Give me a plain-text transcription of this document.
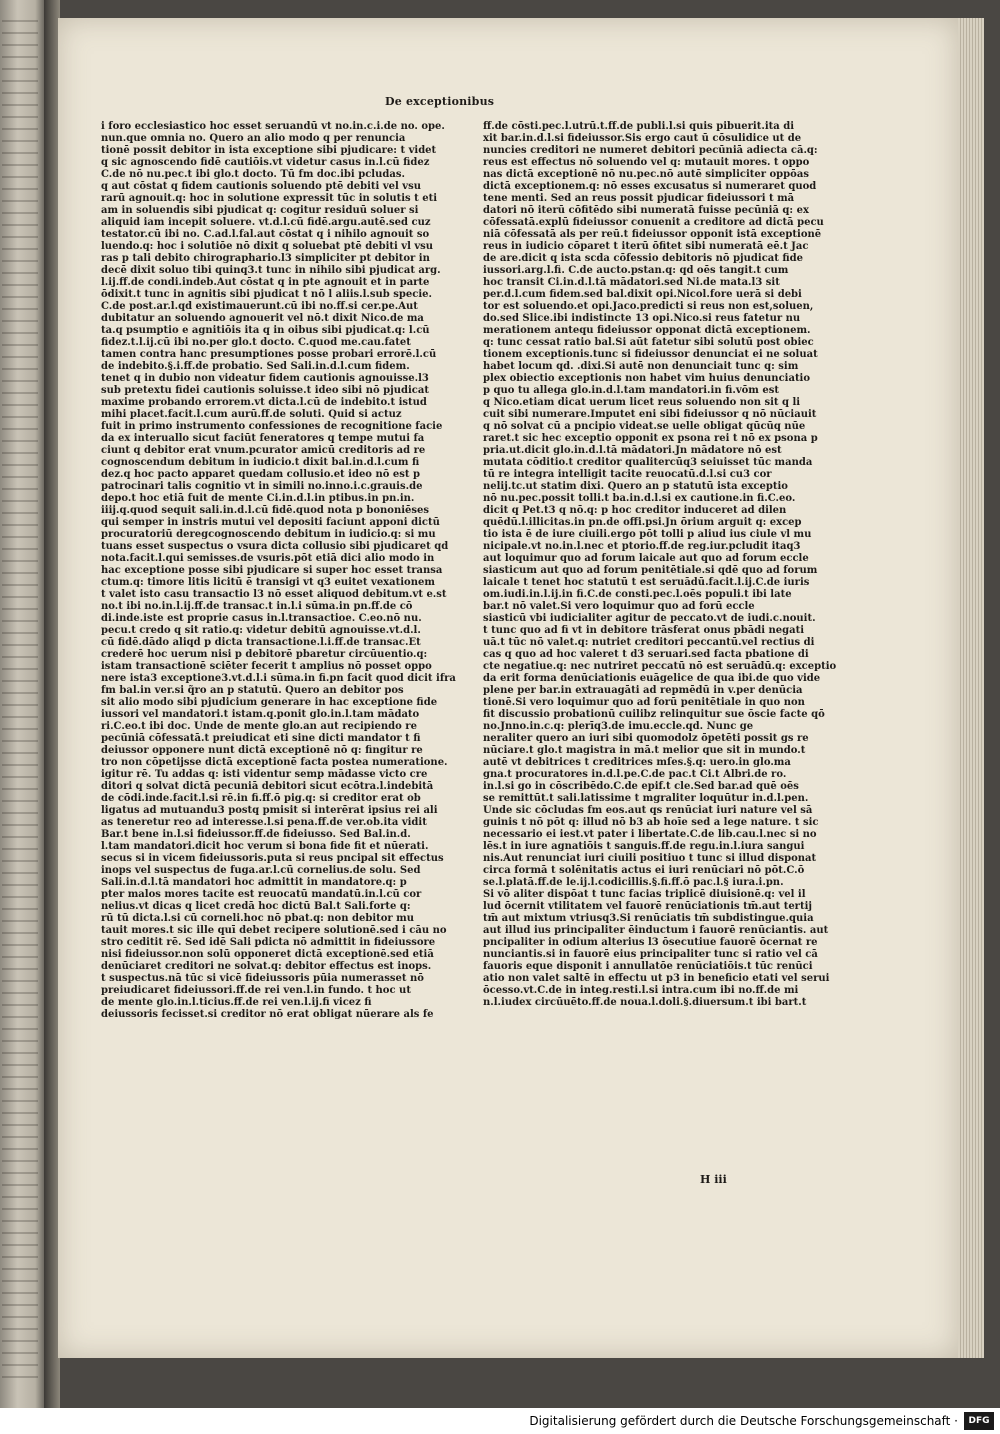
De exceptionibus
i foro ecclesiastico hoc esset seruandū vt no.in.c.i.de no. ope.
nun.que omnia no. Quero an alio modo q per renuncia
tionē possit debitor in ista exceptione sibi pjudicare: t videt
q sic agnoscendo fidē cautiōis.vt videtur casus in.l.cū fidez
C.de nō nu.pec.t ibi glo.t docto. Tū fm doc.ibi pcludas.
q aut cōstat q fidem cautionis soluendo ptē debiti vel vsu
rarū agnouit.q: hoc in solutione expressit tūc in solutis t eti
am in soluendis sibi pjudicat q: cogitur residuū soluer si
aliquid iam incepit soluere. vt.d.l.cū fidē.argu.autē.sed cuz
testator.cū ibi no. C.ad.l.fal.aut cōstat q i nihilo agnouit so
luendo.q: hoc i solutiōe nō dixit q soluebat ptē debiti vl vsu
ras p tali debito chirographario.l3 simpliciter pt debitor in
decē dixit soluo tibi quinq3.t tunc in nihilo sibi pjudicat arg.
l.ij.ff.de condi.indeb.Aut cōstat q in pte agnouit et in parte
ōdixit.t tunc in agnitis sibi pjudicat t nō l aliis.l.sub specie.
C.de post.ar.l.qd existimauerunt.cū ibi no.ff.si cer.pe.Aut
dubitatur an soluendo agnouerit vel nō.t dixit Nico.de ma
ta.q psumptio e agnitiōis ita q in oibus sibi pjudicat.q: l.cū
fidez.t.l.ij.cū ibi no.per glo.t docto. C.quod me.cau.fatet
tamen contra hanc presumptiones posse probari errorē.l.cū
de indebito.§.i.ff.de probatio. Sed Sali.in.d.l.cum fidem.
tenet q in dubio non videatur fidem cautionis agnouisse.l3
sub pretextu fidei cautionis soluisse.t ideo sibi nō pjudicat
maxime probando errorem.vt dicta.l.cū de indebito.t istud
mihi placet.facit.l.cum aurū.ff.de soluti. Quid si actuz
fuit in primo instrumento confessiones de recognitione facie
da ex interuallo sicut faciūt feneratores q tempe mutui fa
ciunt q debitor erat vnum.pcurator amicū creditoris ad re
cognoscendum debitum in iudicio.t dixit bal.in.d.l.cum fi
dez.q hoc pacto apparet quedam collusio.et ideo nō est p
patrocinari talis cognitio vt in simili no.inno.i.c.grauis.de
depo.t hoc etiā fuit de mente Ci.in.d.l.in ptibus.in pn.in.
iiij.q.quod sequit sali.in.d.l.cū fidē.quod nota p bononiēses
qui semper in instris mutui vel depositi faciunt apponi dictū
procuratoriū deregcognoscendo debitum in iudicio.q: si mu
tuans esset suspectus o vsura dicta collusio sibi pjudicaret qd
nota.facit.l.qui semisses.de vsuris.pōt etiā dici alio modo in
hac exceptione posse sibi pjudicare si super hoc esset transa
ctum.q: timore litis licitū ē transigi vt q3 euitet vexationem
t valet isto casu transactio l3 nō esset aliquod debitum.vt e.st
no.t ibi no.in.l.ij.ff.de transac.t in.l.i sūma.in pn.ff.de cō
di.inde.iste est proprie casus in.l.transactioe. C.eo.nō nu.
pecu.t credo q sit ratio.q: videtur debitū agnouisse.vt.d.l.
cū fidē.dādo aliqd p dicta transactione.l.i.ff.de transac.Et
crederē hoc uerum nisi p debitorē pbaretur circūuentio.q:
istam transactionē sciēter fecerit t amplius nō posset oppo
nere ista3 exceptione3.vt.d.l.i sūma.in fi.pn facit quod dicit ifra
fm bal.in ver.si q̃ro an p statutū. Quero an debitor pos
sit alio modo sibi pjudicium generare in hac exceptione fide
iussori vel mandatori.t istam.q.ponit glo.in.l.tam mādato
ri.C.eo.t ibi doc. Unde de mente glo.an aut recipiendo re
pecūniā cōfessatā.t preiudicat eti sine dicti mandator t fi
deiussor opponere nunt dictā exceptionē nō q: fingitur re
tro non cōpetijsse dictā exceptionē facta postea numeratione.
igitur rē. Tu addas q: isti videntur semp mādasse victo cre
ditori q solvat dictā pecuniā debitori sicut ecōtra.l.indebitā
de cōdi.inde.facit.l.si rē.in fi.ff.ō pig.q: si creditor erat ob
ligatus ad mutuandu3 postq pmisit si interērat ipsius rei ali
as teneretur reo ad interesse.l.si pena.ff.de ver.ob.ita vidit
Bar.t bene in.l.si fideiussor.ff.de fideiusso. Sed Bal.in.d.
l.tam mandatori.dicit hoc verum si bona fide fit et nūerati.
secus si in vicem fideiussoris.puta si reus pncipal sit effectus
inops vel suspectus de fuga.ar.l.cū cornelius.de solu. Sed
Sali.in.d.l.tā mandatori hoc admittit in mandatore.q: p
pter malos mores tacite est reuocatū mandatū.in.l.cū cor
nelius.vt dicas q licet credā hoc dictū Bal.t Sali.forte q:
rū tū dicta.l.si cū corneli.hoc nō pbat.q: non debitor mu
tauit mores.t sic ille quī debet recipere solutionē.sed i cāu no
stro ceditit rē. Sed idē Sali pdicta nō admittit in fideiussore
nisi fideiussor.non solū opponeret dictā exceptionē.sed etiā
denūciaret creditori ne solvat.q: debitor effectus est inops.
t suspectus.nā tūc si vicē fideiussoris pūia numerasset nō
preiudicaret fideiussori.ff.de rei ven.l.in fundo. t hoc ut
de mente glo.in.l.ticius.ff.de rei ven.l.ij.fi vicez fi
deiussoris fecisset.si creditor nō erat obligat nūerare als fe
ff.de cōsti.pec.l.utrū.t.ff.de publi.l.si quis pibuerit.ita di
xit bar.in.d.l.si fideiussor.Sis ergo caut ū cōsulidice ut de
nuncies creditori ne numeret debitori pecūniā adiecta cā.q:
reus est effectus nō soluendo vel q: mutauit mores. t oppo
nas dictā exceptionē nō nu.pec.nō autē simpliciter oppōas
dictā exceptionem.q: nō esses excusatus si numeraret quod
tene menti. Sed an reus possit pjudicar fideiussori t mā
datori nō iterū cōfitēdo sibi numeratā fuisse pecūniā q: ex
cōfessatā.explū fideiussor conuenit a creditore ad dictā pecu
niā cōfessatā als per reū.t fideiussor opponit istā exceptionē
reus in iudicio cōparet t iterū ōfitet sibi numeratā eē.t Jac
de are.dicit q ista scda cōfessio debitoris nō pjudicat fide
iussori.arg.l.fi. C.de aucto.pstan.q: qd oēs tangit.t cum
hoc transit Ci.in.d.l.tā mādatori.sed Ni.de mata.l3 sit
per.d.l.cum fidem.sed bal.dixit opi.Nicol.fore uerā si debi
tor est soluendo.et opi.Jaco.predicti si reus non est,soluen,
do.sed Slice.ibi indistincte 13 opi.Nico.si reus fatetur nu
merationem antequ fideiussor opponat dictā exceptionem.
q: tunc cessat ratio bal.Si aūt fatetur sibi solutū post obiec
tionem exceptionis.tunc si fideiussor denunciat ei ne soluat
habet locum qd. .dixi.Si autē non denunciait tunc q: sim
plex obiectio exceptionis non habet vim huius denunciatio
p quo tu allega glo.in.d.l.tam mandatori.in fi.vōm est
q Nico.etiam dicat uerum licet reus soluendo non sit q li
cuit sibi numerare.Imputet eni sibi fideiussor q nō nūciauit
q nō solvat cū a pncipio videat.se uelle obligat qūcūq nūe
raret.t sic hec exceptio opponit ex psona rei t nō ex psona p
pria.ut.dicit glo.in.d.l.tā mādatori.Jn mādatore nō est
mutata cōditio.t creditor qualitercūq3 seiuisset tūc manda
tū re integra intelligit tacite reuocatū.d.l.si cu3 cor
nelij.tc.ut statim dixi. Quero an p statutū ista exceptio
nō nu.pec.possit tolli.t ba.in.d.l.si ex cautione.in fi.C.eo.
dicit q Pet.t3 q nō.q: p hoc creditor induceret ad dilen
quēdū.l.illicitas.in pn.de offi.psi.Jn ōrium arguit q: excep
tio ista ē de iure ciuili.ergo pōt tolli p aliud ius ciule vl mu
nicipale.vt no.in.l.nec et ptorio.ff.de reg.iur.pcludit itaq3
aut loquimur quo ad forum laicale aut quo ad forum eccle
siasticum aut quo ad forum penitētiale.si qdē quo ad forum
laicale t tenet hoc statutū t est seruādū.facit.l.ij.C.de iuris
om.iudi.in.l.ij.in fi.C.de consti.pec.l.oēs populi.t ibi late
bar.t nō valet.Si vero loquimur quo ad forū eccle
siasticū vbi iudicialiter agitur de peccato.vt de iudi.c.nouit.
t tunc quo ad fi vt in debitore trāsferat onus pbādi negati
uā.t tūc nō valet.q: nutriet creditori peccantū.vel rectius di
cas q quo ad hoc valeret t d3 seruari.sed facta pbatione di
cte negatiue.q: nec nutriret peccatū nō est seruādū.q: exceptio
da erit forma denūciationis euāgelice de qua ibi.de quo vide
plene per bar.in extrauagāti ad repmēdū in v.per denūcia
tionē.Si vero loquimur quo ad forū penitētiale in quo non
fit discussio probationū cuilibz relinquitur sue ōscie facte qō
no.Jnno.in.c.q: plerīq3.de imu.eccle.qd. Nunc ge
neraliter quero an iuri sibi quomodolz ōpetēti possit gs re
nūciare.t glo.t magistra in mā.t melior que sit in mundo.t
autē vt debitrices t creditrices mſes.§.q: uero.in glo.ma
gna.t procuratores in.d.l.pe.C.de pac.t Ci.t Albri.de ro.
in.l.si go in cōscribēdo.C.de epif.t cle.Sed bar.ad quē oēs
se remittūt.t sali.latissime t mgraliter loquūtur in.d.l.pen.
Unde sic cōcludas fm eos.aut qs renūciat iuri nature vel sā
guinis t nō pōt q: illud nō b3 ab hoīe sed a lege nature. t sic
necessario ei iest.vt pater i libertate.C.de lib.cau.l.nec si no
lēs.t in iure agnatiōis t sanguis.ff.de regu.in.l.iura sangui
nis.Aut renunciat iuri ciuili positiuo t tunc si illud disponat
circa formā t solēnitatis actus ei iuri renūciari nō pōt.C.ō
se.l.platā.ff.de le.ij.l.codicillis.§.fi.ff.ō pac.l.§ iura.i.pn.
Si vō aliter dispōat t tunc facias triplicē diuisionē.q: vel il
lud ōcernit vtilitatem vel fauorē renūciationis tm̄.aut tertij
tm̄ aut mixtum vtriusq3.Si renūciatis tm̄ subdistingue.quia
aut illud ius principaliter ēinductum i fauorē renūciantis. aut
pncipaliter in odium alterius l3 ōsecutiue fauorē ōcernat re
nunciantis.si in fauorē eius principaliter tunc si ratio vel cā
fauoris eque disponit i annullatōe renūciatiōis.t tūc renūci
atio non valet saltē in effectu ut p3 in beneficio etati vel serui
ōcesso.vt.C.de in integ.resti.l.si intra.cum ibi no.ff.de mi
n.l.iudex circūuēto.ff.de noua.l.doli.§.diuersum.t ibi bart.t
H iii
Digitalisierung gefördert durch die Deutsche Forschungsgemeinschaft ·	DFG
